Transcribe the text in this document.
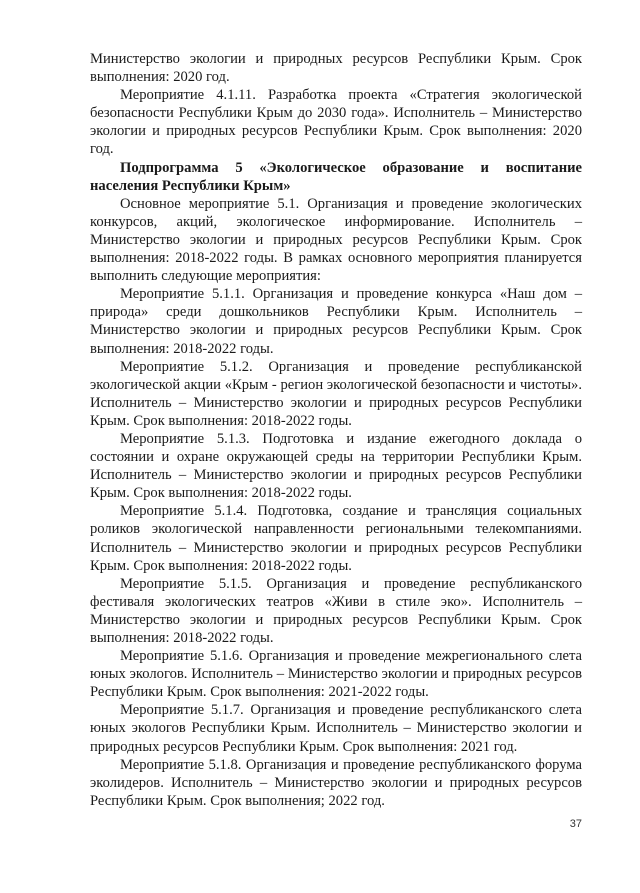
Министерство экологии и природных ресурсов Республики Крым. Срок выполнения: 2020 год.

Мероприятие 4.1.11. Разработка проекта «Стратегия экологической безопасности Республики Крым до 2030 года». Исполнитель – Министерство экологии и природных ресурсов Республики Крым. Срок выполнения: 2020 год.

Подпрограмма 5 «Экологическое образование и воспитание населения Республики Крым»

Основное мероприятие 5.1. Организация и проведение экологических конкурсов, акций, экологическое информирование. Исполнитель – Министерство экологии и природных ресурсов Республики Крым. Срок выполнения: 2018-2022 годы. В рамках основного мероприятия планируется выполнить следующие мероприятия:

Мероприятие 5.1.1. Организация и проведение конкурса «Наш дом – природа» среди дошкольников Республики Крым. Исполнитель – Министерство экологии и природных ресурсов Республики Крым. Срок выполнения: 2018-2022 годы.

Мероприятие 5.1.2. Организация и проведение республиканской экологической акции «Крым - регион экологической безопасности и чистоты». Исполнитель – Министерство экологии и природных ресурсов Республики Крым. Срок выполнения: 2018-2022 годы.

Мероприятие 5.1.3. Подготовка и издание ежегодного доклада о состоянии и охране окружающей среды на территории Республики Крым. Исполнитель – Министерство экологии и природных ресурсов Республики Крым. Срок выполнения: 2018-2022 годы.

Мероприятие 5.1.4. Подготовка, создание и трансляция социальных роликов экологической направленности региональными телекомпаниями. Исполнитель – Министерство экологии и природных ресурсов Республики Крым. Срок выполнения: 2018-2022 годы.

Мероприятие 5.1.5. Организация и проведение республиканского фестиваля экологических театров «Живи в стиле эко». Исполнитель – Министерство экологии и природных ресурсов Республики Крым. Срок выполнения: 2018-2022 годы.

Мероприятие 5.1.6. Организация и проведение межрегионального слета юных экологов. Исполнитель – Министерство экологии и природных ресурсов Республики Крым. Срок выполнения: 2021-2022 годы.

Мероприятие 5.1.7. Организация и проведение республиканского слета юных экологов Республики Крым. Исполнитель – Министерство экологии и природных ресурсов Республики Крым. Срок выполнения: 2021 год.

Мероприятие 5.1.8. Организация и проведение республиканского форума эколидеров. Исполнитель – Министерство экологии и природных ресурсов Республики Крым. Срок выполнения; 2022 год.

37
